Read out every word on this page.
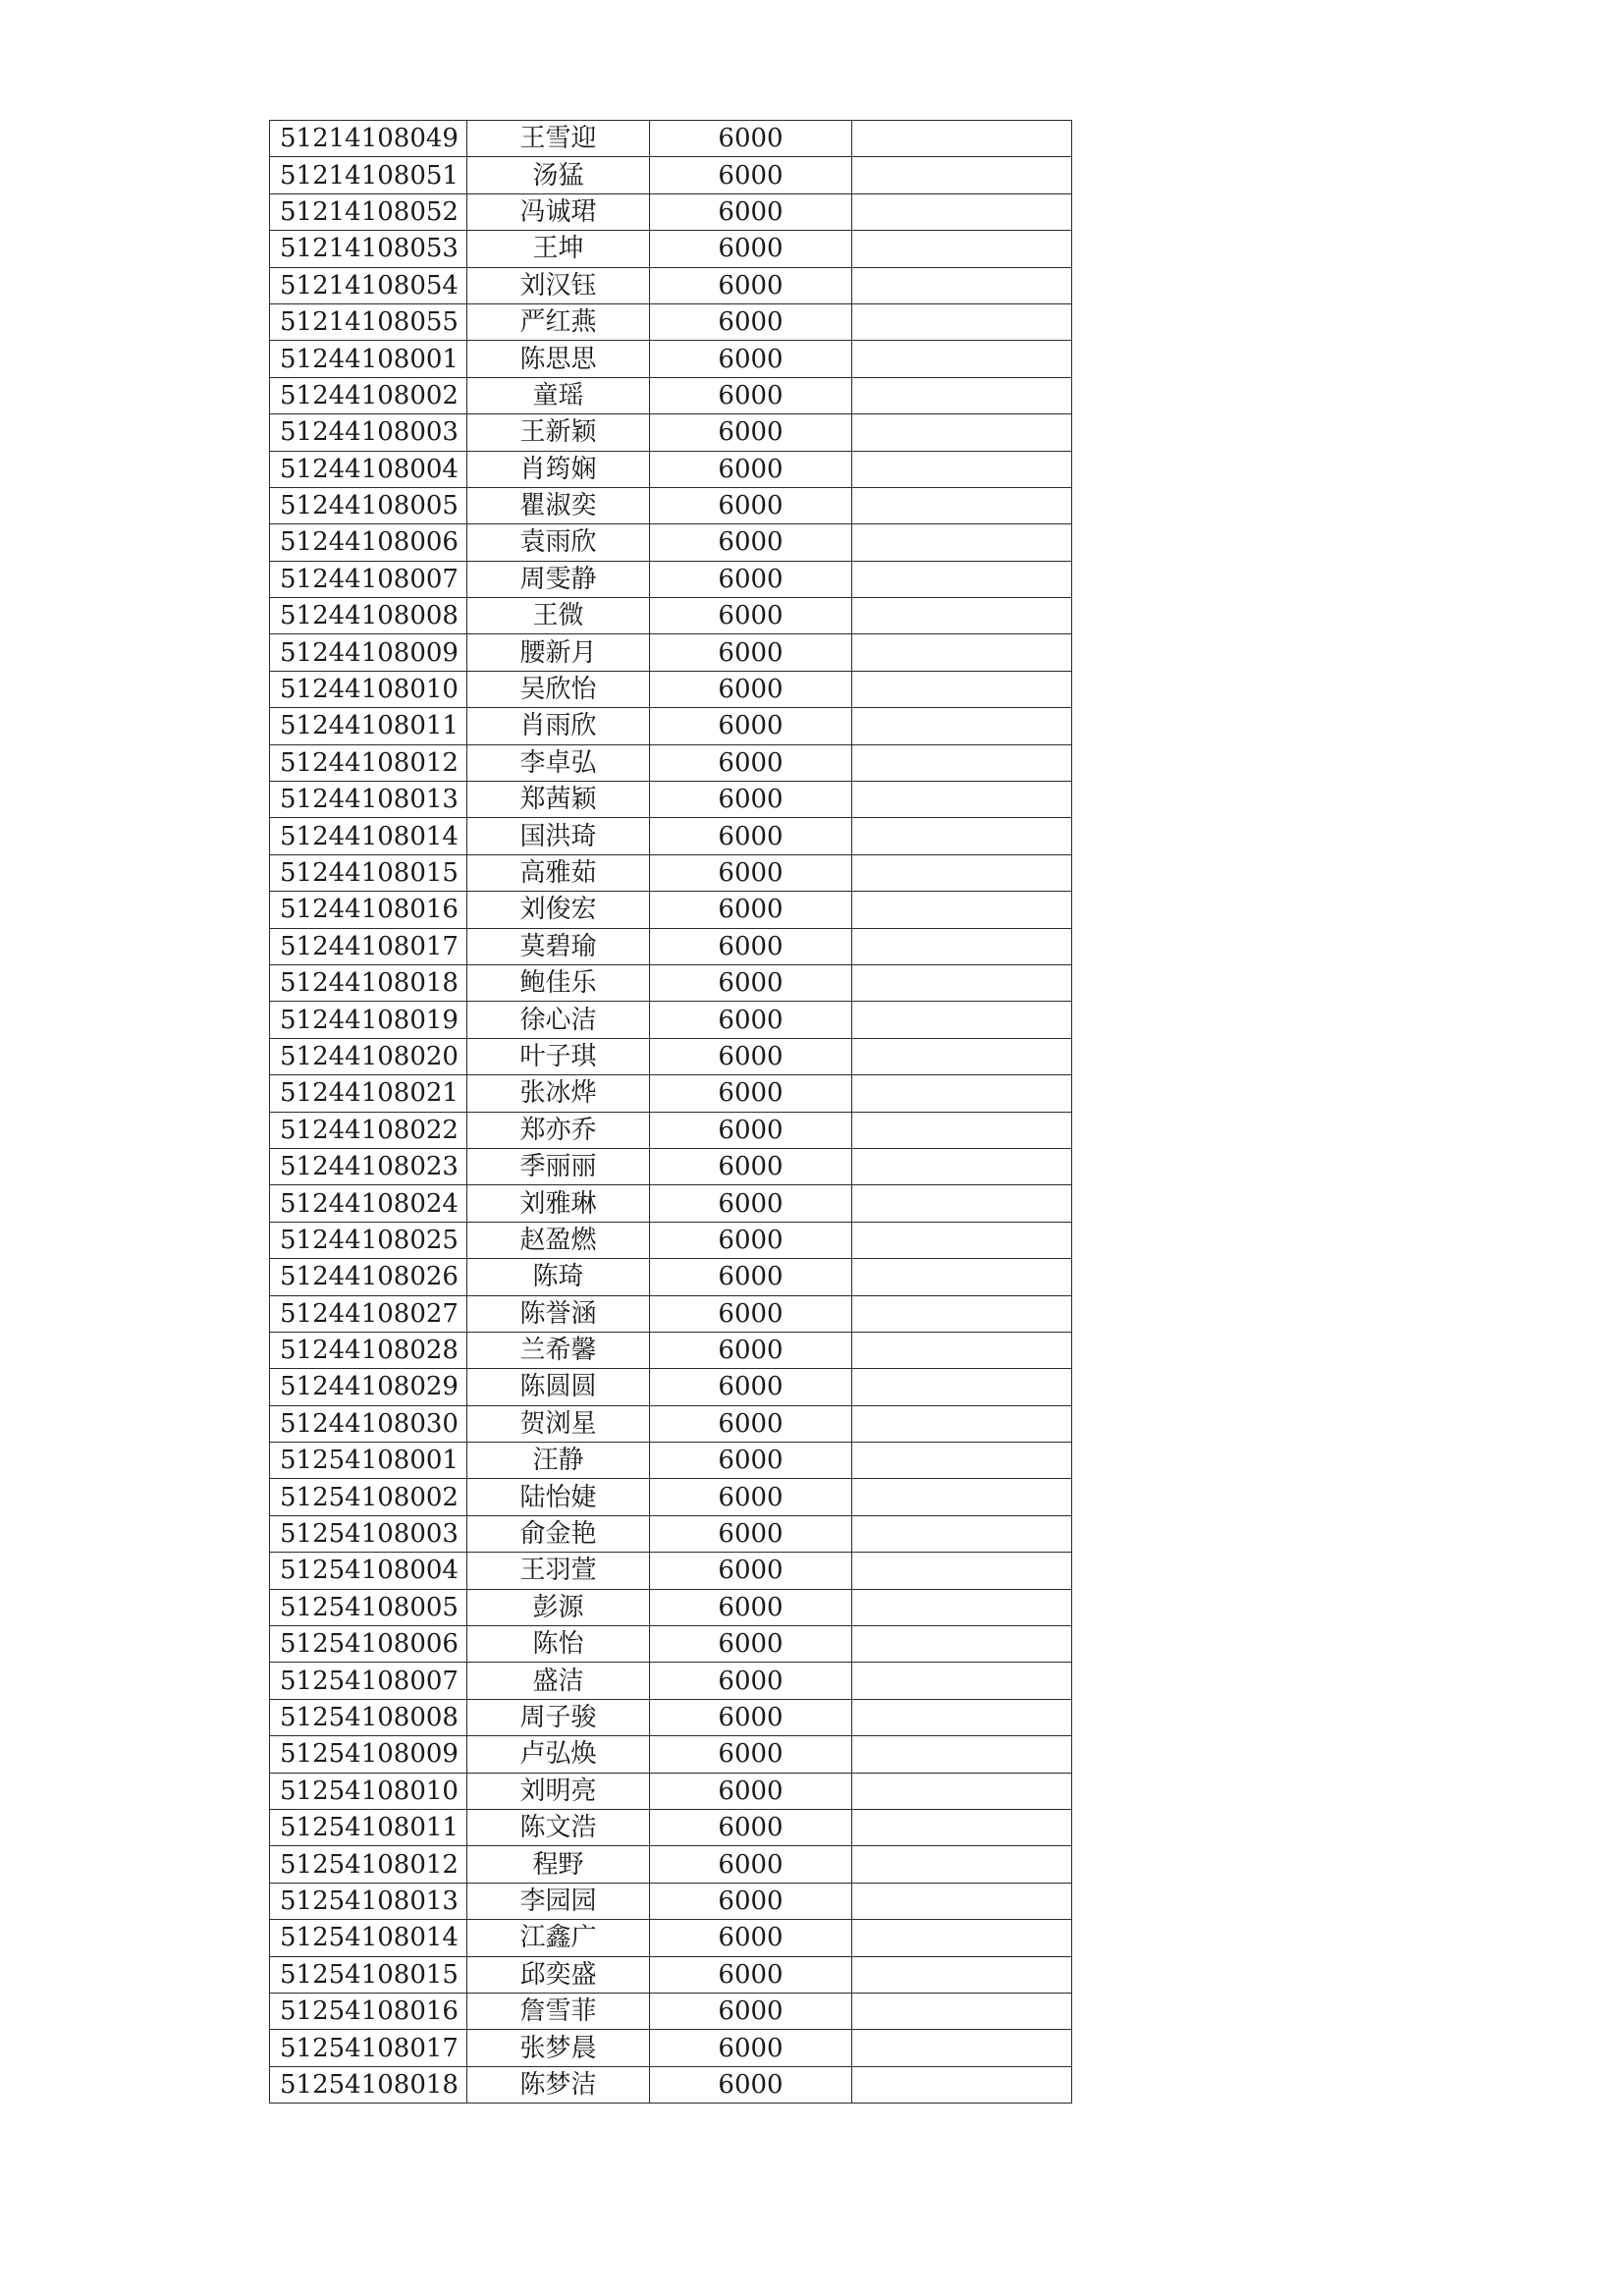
51214108049	王雪迎	6000	
51214108051	汤猛	6000	
51214108052	冯诚珺	6000	
51214108053	王坤	6000	
51214108054	刘汉钰	6000	
51214108055	严红燕	6000	
51244108001	陈思思	6000	
51244108002	童瑶	6000	
51244108003	王新颖	6000	
51244108004	肖筠娴	6000	
51244108005	瞿淑奕	6000	
51244108006	袁雨欣	6000	
51244108007	周雯静	6000	
51244108008	王微	6000	
51244108009	腰新月	6000	
51244108010	吴欣怡	6000	
51244108011	肖雨欣	6000	
51244108012	李卓弘	6000	
51244108013	郑茜颖	6000	
51244108014	国洪琦	6000	
51244108015	高雅茹	6000	
51244108016	刘俊宏	6000	
51244108017	莫碧瑜	6000	
51244108018	鲍佳乐	6000	
51244108019	徐心洁	6000	
51244108020	叶子琪	6000	
51244108021	张冰烨	6000	
51244108022	郑亦乔	6000	
51244108023	季丽丽	6000	
51244108024	刘雅琳	6000	
51244108025	赵盈燃	6000	
51244108026	陈琦	6000	
51244108027	陈誉涵	6000	
51244108028	兰希馨	6000	
51244108029	陈圆圆	6000	
51244108030	贺浏星	6000	
51254108001	汪静	6000	
51254108002	陆怡婕	6000	
51254108003	俞金艳	6000	
51254108004	王羽萱	6000	
51254108005	彭源	6000	
51254108006	陈怡	6000	
51254108007	盛洁	6000	
51254108008	周子骏	6000	
51254108009	卢弘焕	6000	
51254108010	刘明亮	6000	
51254108011	陈文浩	6000	
51254108012	程野	6000	
51254108013	李园园	6000	
51254108014	江鑫广	6000	
51254108015	邱奕盛	6000	
51254108016	詹雪菲	6000	
51254108017	张梦晨	6000	
51254108018	陈梦洁	6000	
